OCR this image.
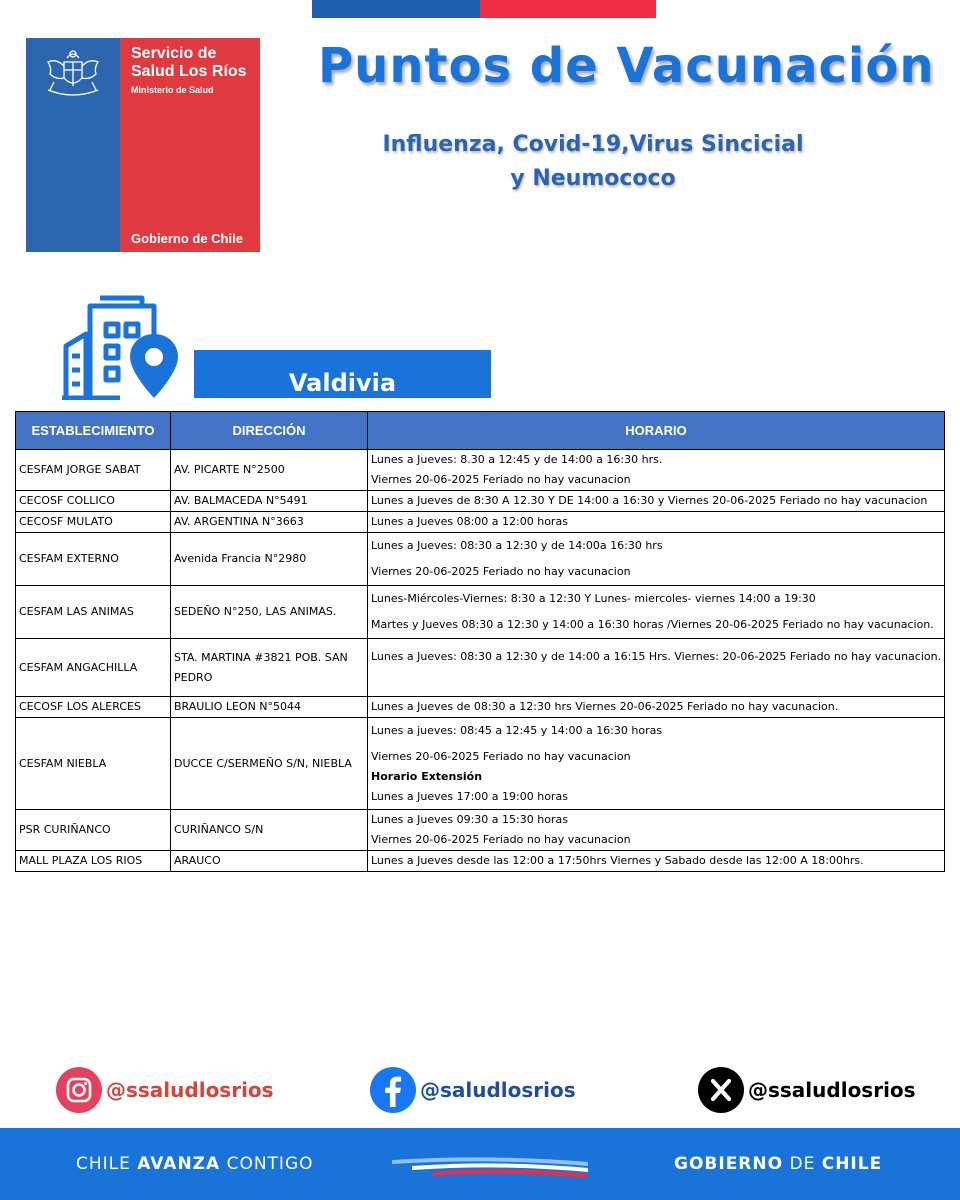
Servicio de
Salud Los Ríos
Ministerio de Salud
Gobierno de Chile
Puntos de Vacunación
Influenza, Covid-19,Virus Sincicial
y Neumococo
Valdivia
ESTABLECIMIENTO	DIRECCIÓN	HORARIO
CESFAM JORGE SABAT	AV. PICARTE N°2500	Lunes a Jueves: 8.30 a 12:45 y de 14:00 a 16:30 hrs.
Viernes 20-06-2025 Feriado no hay vacunacion

CECOSF COLLICO	AV. BALMACEDA N°5491	Lunes a Jueves de 8:30 A 12.30 Y DE 14:00 a 16:30 y Viernes 20-06-2025 Feriado no hay vacunacion

CECOSF MULATO	AV. ARGENTINA N°3663	Lunes a Jueves 08:00 a 12:00 horas

CESFAM EXTERNO	Avenida Francia N°2980	Lunes a Jueves: 08:30 a 12:30 y de 14:00a 16:30 hrs
Viernes 20-06-2025 Feriado no hay vacunacion

CESFAM LAS ANIMAS	SEDEÑO N°250, LAS ANIMAS.	Lunes-Miércoles-Viernes: 8:30 a 12:30 Y Lunes- miercoles- viernes 14:00 a 19:30
Martes y Jueves 08:30 a 12:30 y 14:00 a 16:30 horas /Viernes 20-06-2025 Feriado no hay vacunacion.

CESFAM ANGACHILLA	STA. MARTINA #3821 POB. SAN PEDRO	Lunes a Jueves: 08:30 a 12:30 y de 14:00 a 16:15 Hrs. Viernes: 20-06-2025 Feriado no hay vacunacion.

CECOSF LOS ALERCES	BRAULIO LEON N°5044	Lunes a Jueves de 08:30 a 12:30 hrs Viernes 20-06-2025 Feriado no hay vacunacion.

CESFAM NIEBLA	DUCCE C/SERMEÑO S/N, NIEBLA	Lunes a jueves: 08:45 a 12:45 y 14:00 a 16:30 horas
Viernes 20-06-2025 Feriado no hay vacunacion
Horario Extensión
Lunes a Jueves 17:00 a 19:00 horas

PSR CURIÑANCO	CURIÑANCO S/N	Lunes a Jueves 09:30 a 15:30 horas
Viernes 20-06-2025 Feriado no hay vacunacion

MALL PLAZA LOS RIOS	ARAUCO	Lunes a Jueves desde las 12:00 a 17:50hrs Viernes y Sabado desde las 12:00 A 18:00hrs.
@ssaludlosrios	@saludlosrios	@ssaludlosrios
CHILE AVANZA CONTIGO	GOBIERNO DE CHILE
